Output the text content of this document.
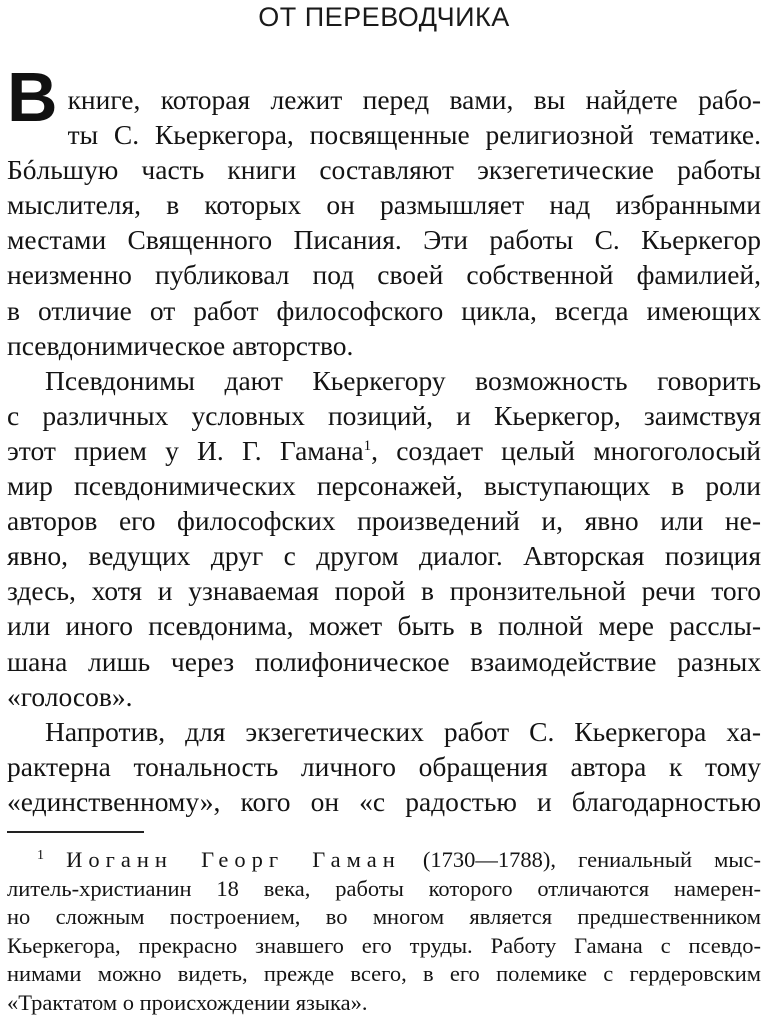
ОТ ПЕРЕВОДЧИКА
В книге, которая лежит перед вами, вы найдете рабо-
ты С. Кьеркегора, посвященные религиозной тематике.
Бóльшую часть книги составляют экзегетические работы
мыслителя, в которых он размышляет над избранными
местами Священного Писания. Эти работы С. Кьеркегор
неизменно публиковал под своей собственной фамилией,
в отличие от работ философского цикла, всегда имеющих
псевдонимическое авторство.
Псевдонимы дают Кьеркегору возможность говорить
с различных условных позиций, и Кьеркегор, заимствуя
этот прием у И. Г. Гамана$^1$, создает целый многоголосый
мир псевдонимических персонажей, выступающих в роли
авторов его философских произведений и, явно или не-
явно, ведущих друг с другом диалог. Авторская позиция
здесь, хотя и узнаваемая порой в пронзительной речи того
или иного псевдонима, может быть в полной мере расслы-
шана лишь через полифоническое взаимодействие разных
«голосов».
Напротив, для экзегетических работ С. Кьеркегора ха-
рактерна тональность личного обращения автора к тому
«единственному», кого он «с радостью и благодарностью
$^1$ Иоганн Георг Гаман (1730—1788), гениальный мыс-
литель-христианин 18 века, работы которого отличаются намерен-
но сложным построением, во многом является предшественником
Кьеркегора, прекрасно знавшего его труды. Работу Гамана с псевдо-
нимами можно видеть, прежде всего, в его полемике с гердеровским
«Трактатом о происхождении языка».
